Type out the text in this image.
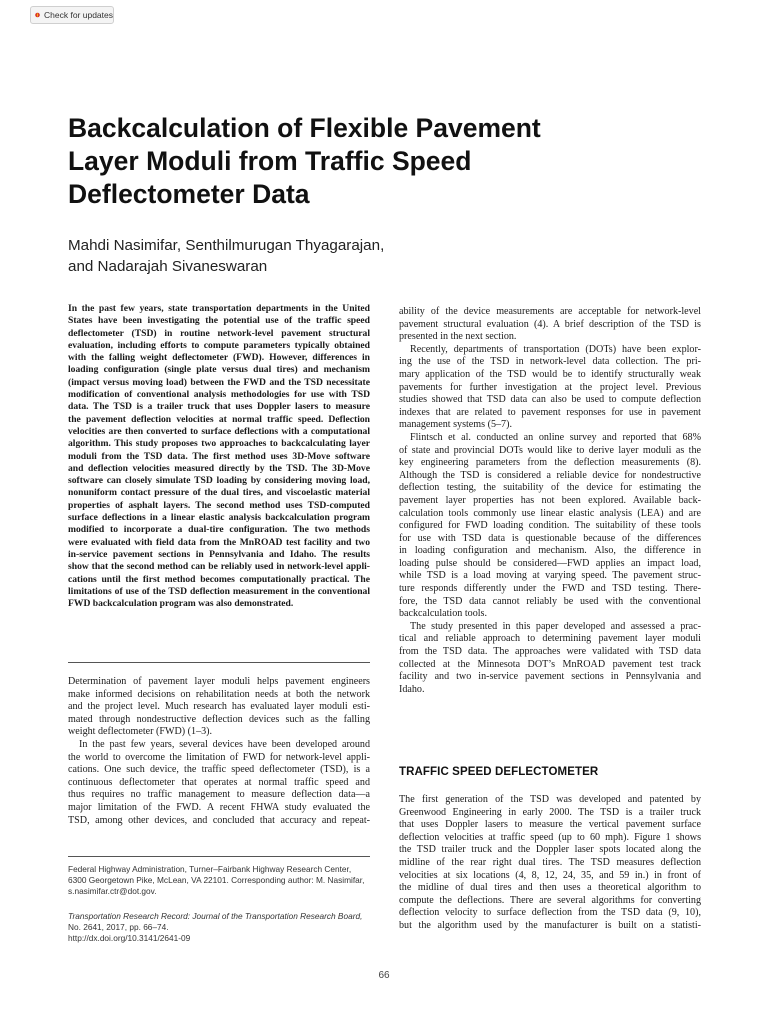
Check for updates
Backcalculation of Flexible Pavement
Layer Moduli from Traffic Speed
Deflectometer Data
Mahdi Nasimifar, Senthilmurugan Thyagarajan,
and Nadarajah Sivaneswaran
In the past few years, state transportation departments in the United
States have been investigating the potential use of the traffic speed
deflectometer (TSD) in routine network-level pavement structural
evaluation, including efforts to compute parameters typically obtained
with the falling weight deflectometer (FWD). However, differences in
loading configuration (single plate versus dual tires) and mechanism
(impact versus moving load) between the FWD and the TSD necessitate
modification of conventional analysis methodologies for use with TSD
data. The TSD is a trailer truck that uses Doppler lasers to measure
the pavement deflection velocities at normal traffic speed. Deflection
velocities are then converted to surface deflections with a computational
algorithm. This study proposes two approaches to backcalculating layer
moduli from the TSD data. The first method uses 3D-Move software
and deflection velocities measured directly by the TSD. The 3D-Move
software can closely simulate TSD loading by considering moving load,
nonuniform contact pressure of the dual tires, and viscoelastic material
properties of asphalt layers. The second method uses TSD-computed
surface deflections in a linear elastic analysis backcalculation program
modified to incorporate a dual-tire configuration. The two methods
were evaluated with field data from the MnROAD test facility and two
in-service pavement sections in Pennsylvania and Idaho. The results
show that the second method can be reliably used in network-level appli-
cations until the first method becomes computationally practical. The
limitations of use of the TSD deflection measurement in the conventional
FWD backcalculation program was also demonstrated.
Determination of pavement layer moduli helps pavement engineers
make informed decisions on rehabilitation needs at both the network
and the project level. Much research has evaluated layer moduli esti-
mated through nondestructive deflection devices such as the falling
weight deflectometer (FWD) (1–3).
In the past few years, several devices have been developed around
the world to overcome the limitation of FWD for network-level appli-
cations. One such device, the traffic speed deflectometer (TSD), is a
continuous deflectometer that operates at normal traffic speed and
thus requires no traffic management to measure deflection data—a
major limitation of the FWD. A recent FHWA study evaluated the
TSD, among other devices, and concluded that accuracy and repeat-
Federal Highway Administration, Turner–Fairbank Highway Research Center,
6300 Georgetown Pike, McLean, VA 22101. Corresponding author: M. Nasimifar,
s.nasimifar.ctr@dot.gov.
Transportation Research Record: Journal of the Transportation Research Board,
No. 2641, 2017, pp. 66–74.
http://dx.doi.org/10.3141/2641-09
ability of the device measurements are acceptable for network-level
pavement structural evaluation (4). A brief description of the TSD is
presented in the next section.
Recently, departments of transportation (DOTs) have been explor-
ing the use of the TSD in network-level data collection. The pri-
mary application of the TSD would be to identify structurally weak
pavements for further investigation at the project level. Previous
studies showed that TSD data can also be used to compute deflection
indexes that are related to pavement responses for use in pavement
management systems (5–7).
Flintsch et al. conducted an online survey and reported that 68%
of state and provincial DOTs would like to derive layer moduli as the
key engineering parameters from the deflection measurements (8).
Although the TSD is considered a reliable device for nondestructive
deflection testing, the suitability of the device for estimating the
pavement layer properties has not been explored. Available back-
calculation tools commonly use linear elastic analysis (LEA) and are
configured for FWD loading condition. The suitability of these tools
for use with TSD data is questionable because of the differences
in loading configuration and mechanism. Also, the difference in
loading pulse should be considered—FWD applies an impact load,
while TSD is a load moving at varying speed. The pavement struc-
ture responds differently under the FWD and TSD testing. There-
fore, the TSD data cannot reliably be used with the conventional
backcalculation tools.
The study presented in this paper developed and assessed a prac-
tical and reliable approach to determining pavement layer moduli
from the TSD data. The approaches were validated with TSD data
collected at the Minnesota DOT’s MnROAD pavement test track
facility and two in-service pavement sections in Pennsylvania and
Idaho.
TRAFFIC SPEED DEFLECTOMETER
The first generation of the TSD was developed and patented by
Greenwood Engineering in early 2000. The TSD is a trailer truck
that uses Doppler lasers to measure the vertical pavement surface
deflection velocities at traffic speed (up to 60 mph). Figure 1 shows
the TSD trailer truck and the Doppler laser spots located along the
midline of the rear right dual tires. The TSD measures deflection
velocities at six locations (4, 8, 12, 24, 35, and 59 in.) in front of
the midline of dual tires and then uses a theoretical algorithm to
compute the deflections. There are several algorithms for converting
deflection velocity to surface deflection from the TSD data (9, 10),
but the algorithm used by the manufacturer is built on a statisti-
66
